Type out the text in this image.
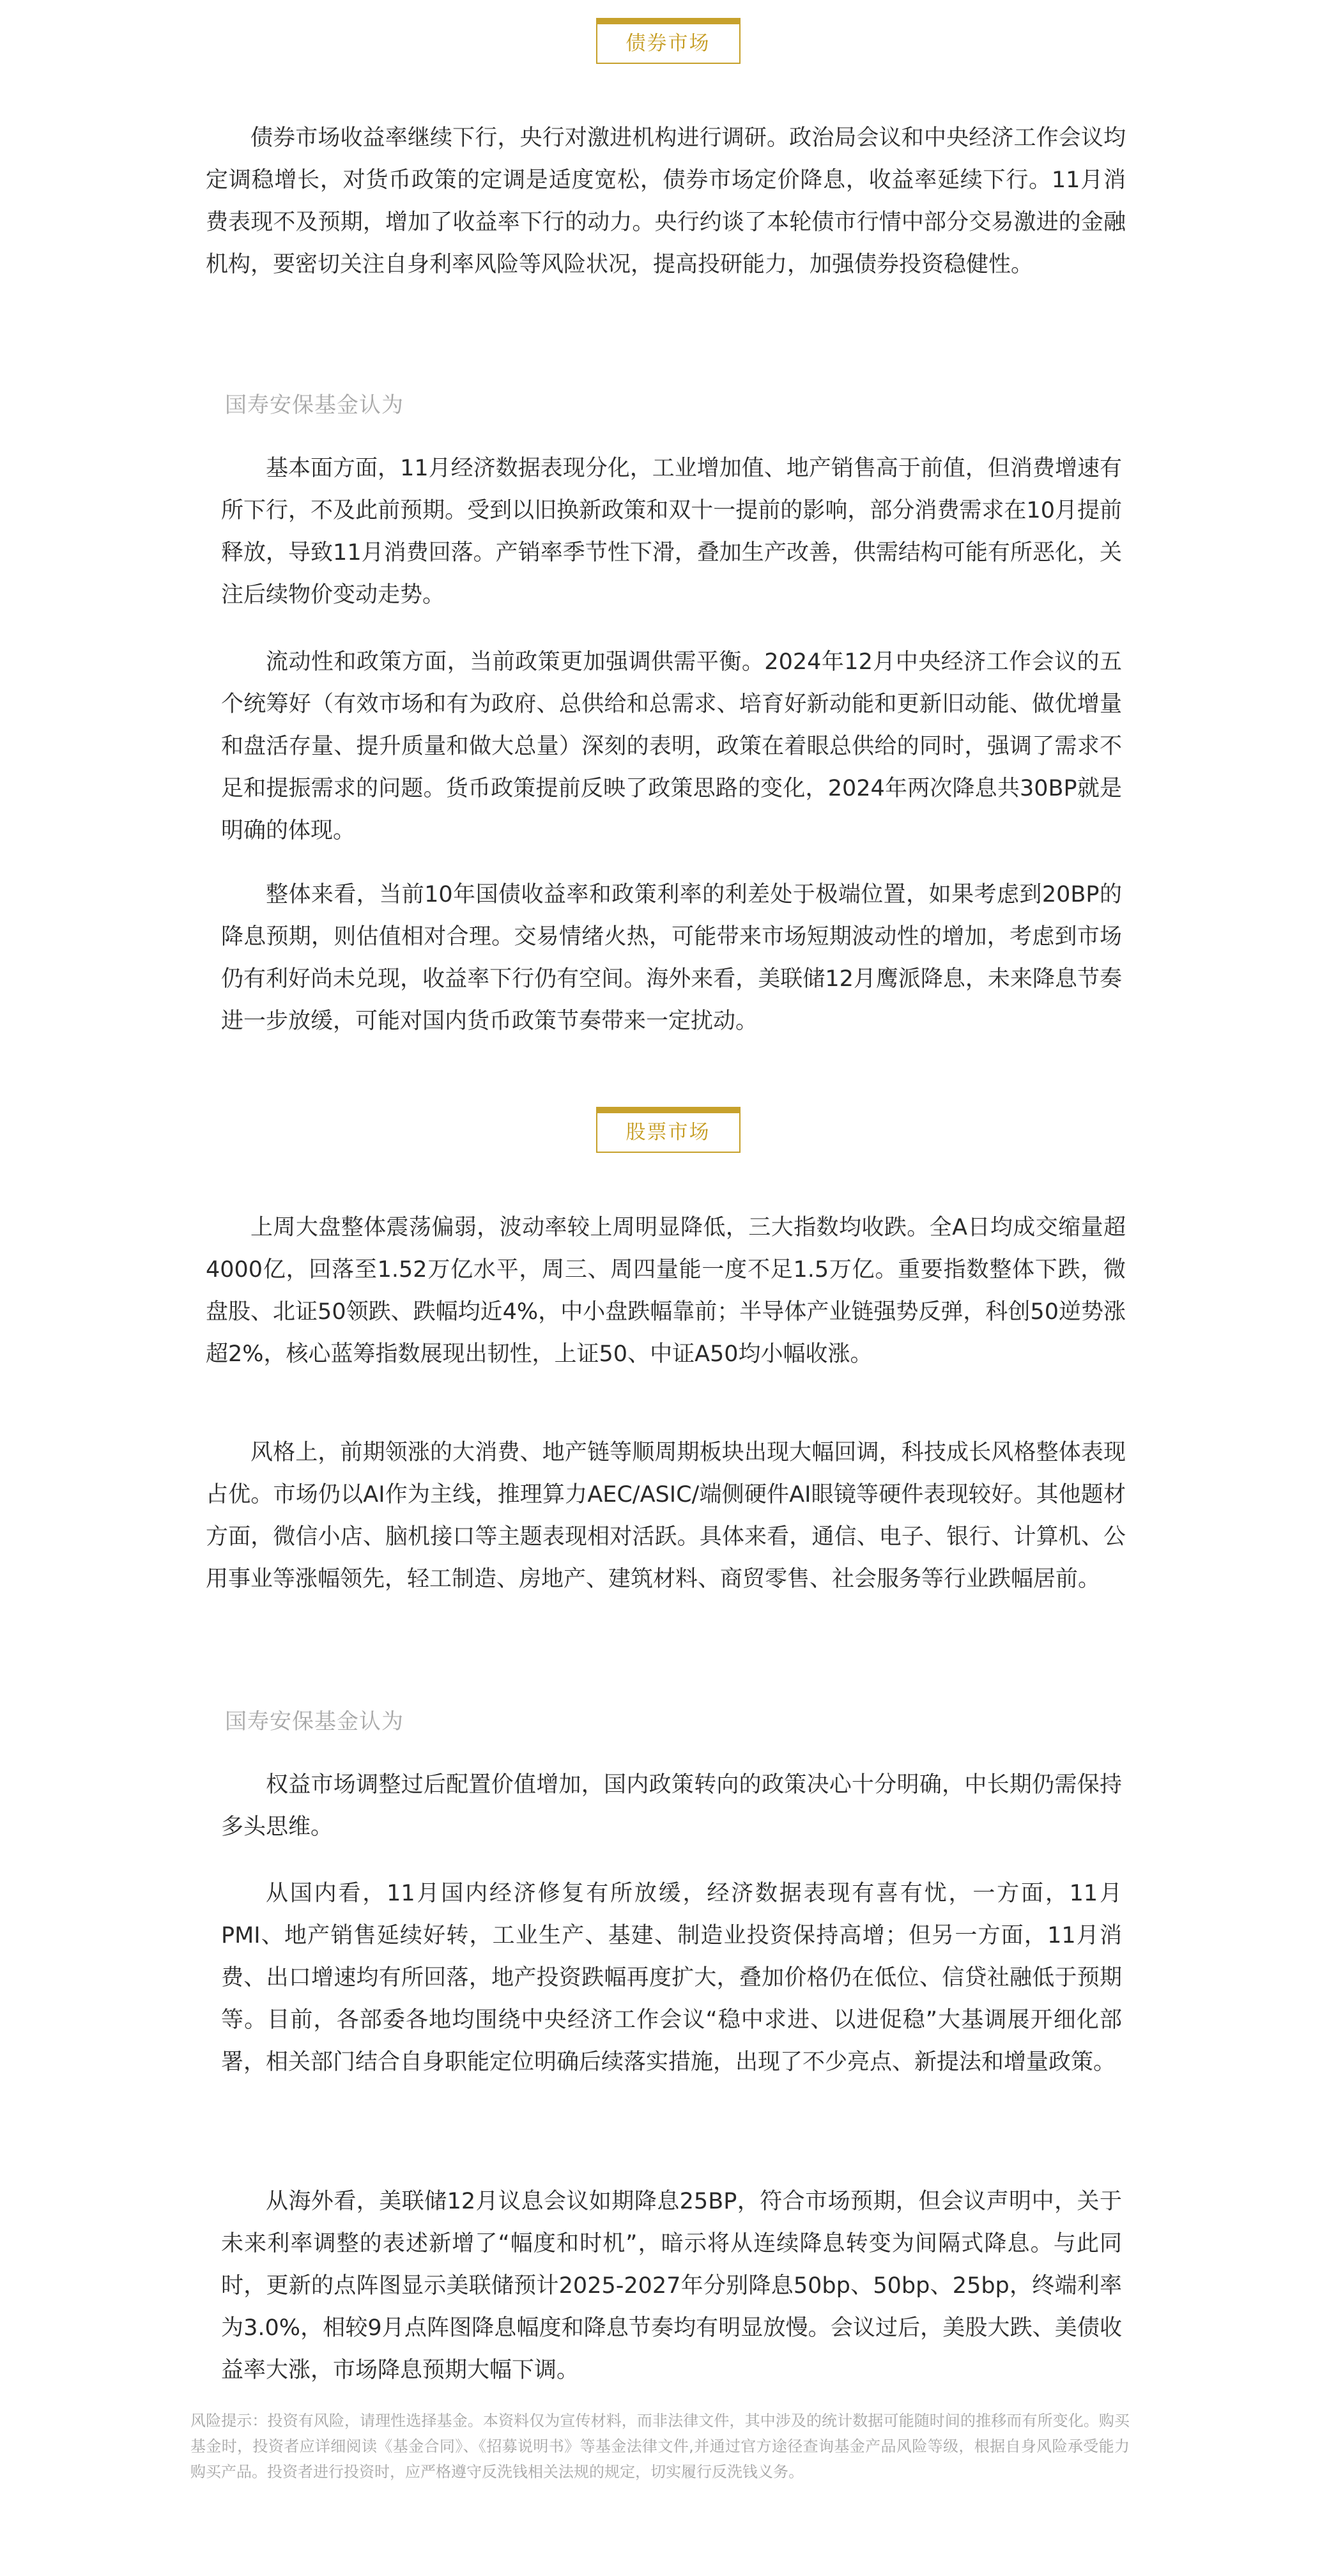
债券市场

债券市场收益率继续下行，央行对激进机构进行调研。政治局会议和中央经济工作会议均定调稳增长，对货币政策的定调是适度宽松，债券市场定价降息，收益率延续下行。11月消费表现不及预期，增加了收益率下行的动力。央行约谈了本轮债市行情中部分交易激进的金融机构，要密切关注自身利率风险等风险状况，提高投研能力，加强债券投资稳健性。

国寿安保基金认为

基本面方面，11月经济数据表现分化，工业增加值、地产销售高于前值，但消费增速有所下行，不及此前预期。受到以旧换新政策和双十一提前的影响，部分消费需求在10月提前释放，导致11月消费回落。产销率季节性下滑，叠加生产改善，供需结构可能有所恶化，关注后续物价变动走势。

流动性和政策方面，当前政策更加强调供需平衡。2024年12月中央经济工作会议的五个统筹好（有效市场和有为政府、总供给和总需求、培育好新动能和更新旧动能、做优增量和盘活存量、提升质量和做大总量）深刻的表明，政策在着眼总供给的同时，强调了需求不足和提振需求的问题。货币政策提前反映了政策思路的变化，2024年两次降息共30BP就是明确的体现。

整体来看，当前10年国债收益率和政策利率的利差处于极端位置，如果考虑到20BP的降息预期，则估值相对合理。交易情绪火热，可能带来市场短期波动性的增加，考虑到市场仍有利好尚未兑现，收益率下行仍有空间。海外来看，美联储12月鹰派降息，未来降息节奏进一步放缓，可能对国内货币政策节奏带来一定扰动。

股票市场

上周大盘整体震荡偏弱，波动率较上周明显降低，三大指数均收跌。全A日均成交缩量超4000亿，回落至1.52万亿水平，周三、周四量能一度不足1.5万亿。重要指数整体下跌，微盘股、北证50领跌、跌幅均近4%，中小盘跌幅靠前；半导体产业链强势反弹，科创50逆势涨超2%，核心蓝筹指数展现出韧性，上证50、中证A50均小幅收涨。

风格上，前期领涨的大消费、地产链等顺周期板块出现大幅回调，科技成长风格整体表现占优。市场仍以AI作为主线，推理算力AEC/ASIC/端侧硬件AI眼镜等硬件表现较好。其他题材方面，微信小店、脑机接口等主题表现相对活跃。具体来看，通信、电子、银行、计算机、公用事业等涨幅领先，轻工制造、房地产、建筑材料、商贸零售、社会服务等行业跌幅居前。

国寿安保基金认为

权益市场调整过后配置价值增加，国内政策转向的政策决心十分明确，中长期仍需保持多头思维。

从国内看，11月国内经济修复有所放缓，经济数据表现有喜有忧，一方面，11月PMI、地产销售延续好转，工业生产、基建、制造业投资保持高增；但另一方面，11月消费、出口增速均有所回落，地产投资跌幅再度扩大，叠加价格仍在低位、信贷社融低于预期等。目前，各部委各地均围绕中央经济工作会议“稳中求进、以进促稳”大基调展开细化部署，相关部门结合自身职能定位明确后续落实措施，出现了不少亮点、新提法和增量政策。

从海外看，美联储12月议息会议如期降息25BP，符合市场预期，但会议声明中，关于未来利率调整的表述新增了“幅度和时机”，暗示将从连续降息转变为间隔式降息。与此同时，更新的点阵图显示美联储预计2025-2027年分别降息50bp、50bp、25bp，终端利率为3.0%，相较9月点阵图降息幅度和降息节奏均有明显放慢。会议过后，美股大跌、美债收益率大涨，市场降息预期大幅下调。

风险提示：投资有风险，请理性选择基金。本资料仅为宣传材料，而非法律文件，其中涉及的统计数据可能随时间的推移而有所变化。购买基金时，投资者应详细阅读《基金合同》、《招募说明书》等基金法律文件,并通过官方途径查询基金产品风险等级，根据自身风险承受能力购买产品。投资者进行投资时，应严格遵守反洗钱相关法规的规定，切实履行反洗钱义务。
